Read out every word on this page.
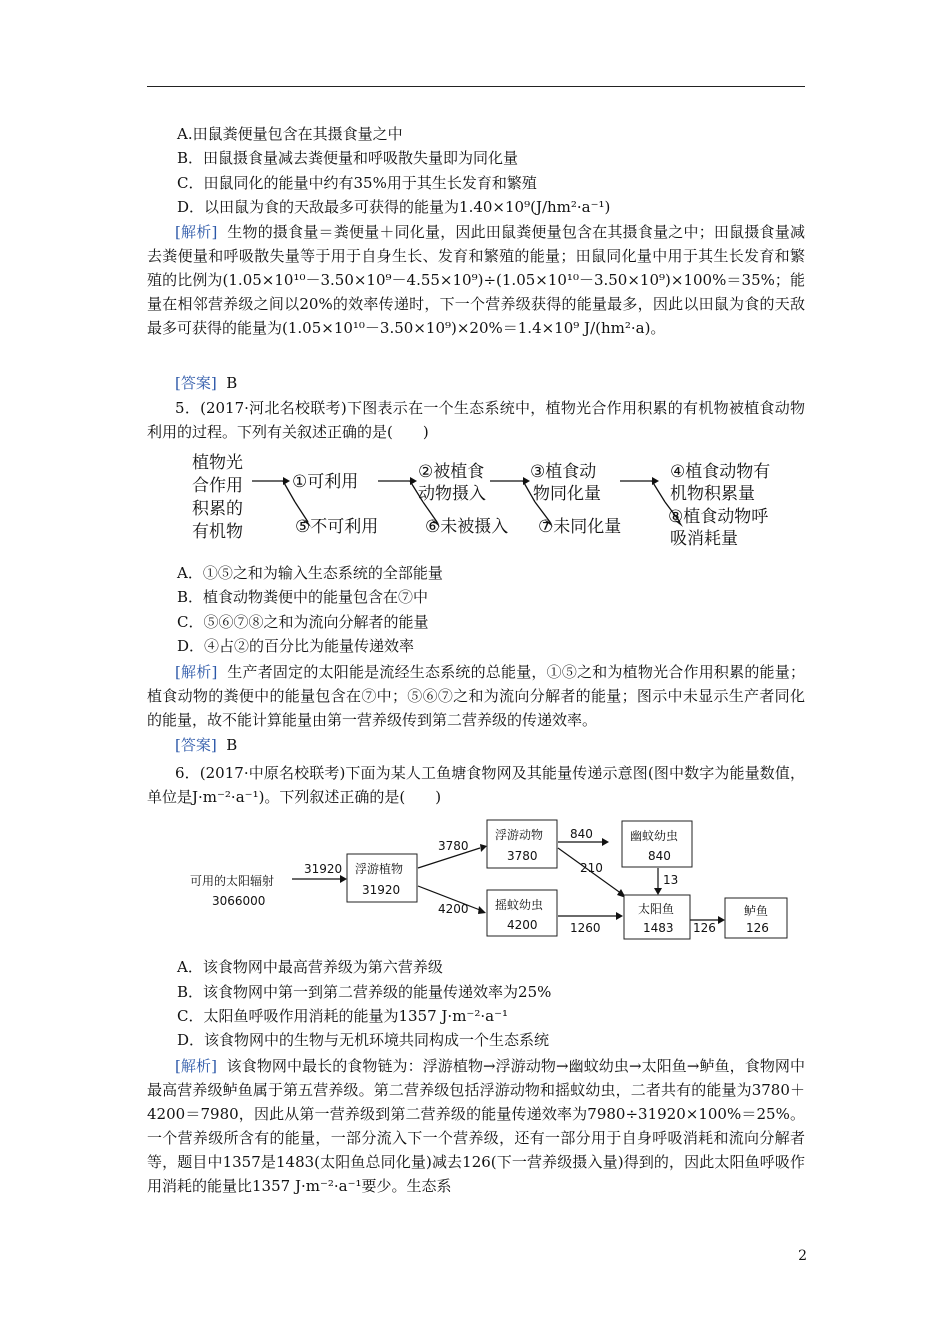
A.田鼠粪便量包含在其摄食量之中
B．田鼠摄食量减去粪便量和呼吸散失量即为同化量
C．田鼠同化的能量中约有35%用于其生长发育和繁殖
D．以田鼠为食的天敌最多可获得的能量为1.40×10⁹(J/hm²·a⁻¹)
[解析] 生物的摄食量＝粪便量＋同化量，因此田鼠粪便量包含在其摄食量之中；田鼠摄食量减去粪便量和呼吸散失量等于用于自身生长、发育和繁殖的能量；田鼠同化量中用于其生长发育和繁殖的比例为(1.05×10¹⁰－3.50×10⁹－4.55×10⁹)÷(1.05×10¹⁰－3.50×10⁹)×100%＝35%；能量在相邻营养级之间以20%的效率传递时，下一个营养级获得的能量最多，因此以田鼠为食的天敌最多可获得的能量为(1.05×10¹⁰－3.50×10⁹)×20%＝1.4×10⁹ J/(hm²·a)。
[答案] B
5．(2017·河北名校联考)下图表示在一个生态系统中，植物光合作用积累的有机物被植食动物利用的过程。下列有关叙述正确的是(　　)
植物光
合作用
积累的
有机物
①可利用
⑤不可利用
②被植食
动物摄入
⑥未被摄入
③植食动
物同化量
⑦未同化量
④植食动物有
机物积累量
⑧植食动物呼
吸消耗量
A．①⑤之和为输入生态系统的全部能量
B．植食动物粪便中的能量包含在⑦中
C．⑤⑥⑦⑧之和为流向分解者的能量
D．④占②的百分比为能量传递效率
[解析] 生产者固定的太阳能是流经生态系统的总能量，①⑤之和为植物光合作用积累的能量；植食动物的粪便中的能量包含在⑦中；⑤⑥⑦之和为流向分解者的能量；图示中未显示生产者同化的能量，故不能计算能量由第一营养级传到第二营养级的传递效率。
[答案] B
6．(2017·中原名校联考)下面为某人工鱼塘食物网及其能量传递示意图(图中数字为能量数值，单位是J·m⁻²·a⁻¹)。下列叙述正确的是(　　)
可用的太阳辐射
3066000
31920
3780
4200
840
210
1260
13
126
浮游植物
31920
浮游动物
3780
摇蚊幼虫
4200
幽蚊幼虫
840
太阳鱼
1483
鲈鱼
126
A．该食物网中最高营养级为第六营养级
B．该食物网中第一到第二营养级的能量传递效率为25%
C．太阳鱼呼吸作用消耗的能量为1357 J·m⁻²·a⁻¹
D．该食物网中的生物与无机环境共同构成一个生态系统
[解析] 该食物网中最长的食物链为：浮游植物→浮游动物→幽蚊幼虫→太阳鱼→鲈鱼，食物网中最高营养级鲈鱼属于第五营养级。第二营养级包括浮游动物和摇蚊幼虫，二者共有的能量为3780＋4200＝7980，因此从第一营养级到第二营养级的能量传递效率为7980÷31920×100%＝25%。一个营养级所含有的能量，一部分流入下一个营养级，还有一部分用于自身呼吸消耗和流向分解者等，题目中1357是1483(太阳鱼总同化量)减去126(下一营养级摄入量)得到的，因此太阳鱼呼吸作用消耗的能量比1357 J·m⁻²·a⁻¹要少。生态系
2
